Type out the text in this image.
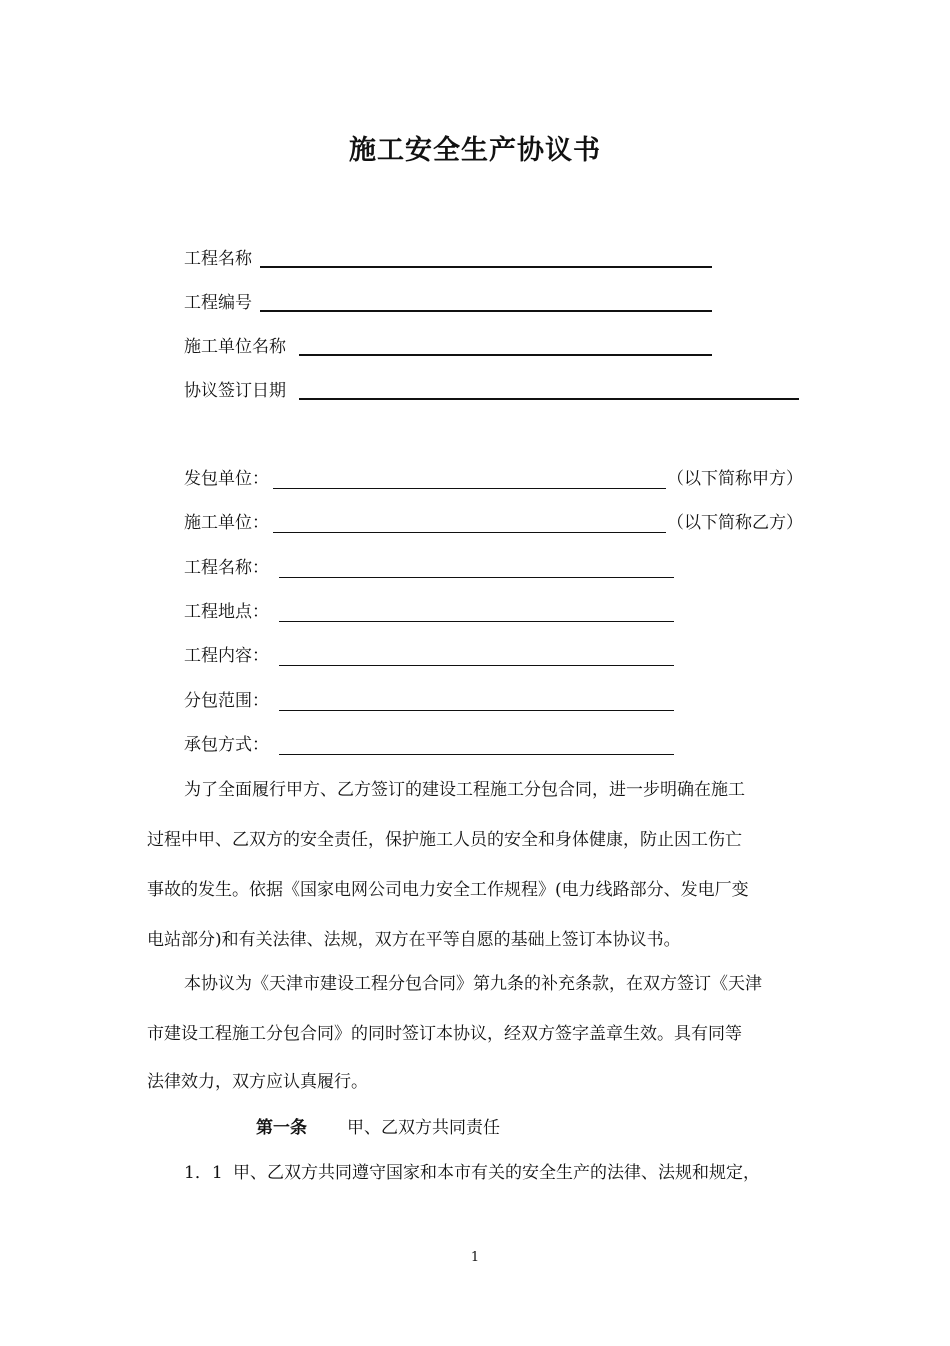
施工安全生产协议书
工程名称
工程编号
施工单位名称
协议签订日期
发包单位：	（以下简称甲方）
施工单位：	（以下简称乙方）
工程名称：
工程地点：
工程内容：
分包范围：
承包方式：
为了全面履行甲方、乙方签订的建设工程施工分包合同，进一步明确在施工
过程中甲、乙双方的安全责任，保护施工人员的安全和身体健康，防止因工伤亡
事故的发生。依据《国家电网公司电力安全工作规程》(电力线路部分、发电厂变
电站部分)和有关法律、法规，双方在平等自愿的基础上签订本协议书。
本协议为《天津市建设工程分包合同》第九条的补充条款，在双方签订《天津
市建设工程施工分包合同》的同时签订本协议，经双方签字盖章生效。具有同等
法律效力，双方应认真履行。
第一条 甲、乙双方共同责任
1．1 甲、乙双方共同遵守国家和本市有关的安全生产的法律、法规和规定，
1
